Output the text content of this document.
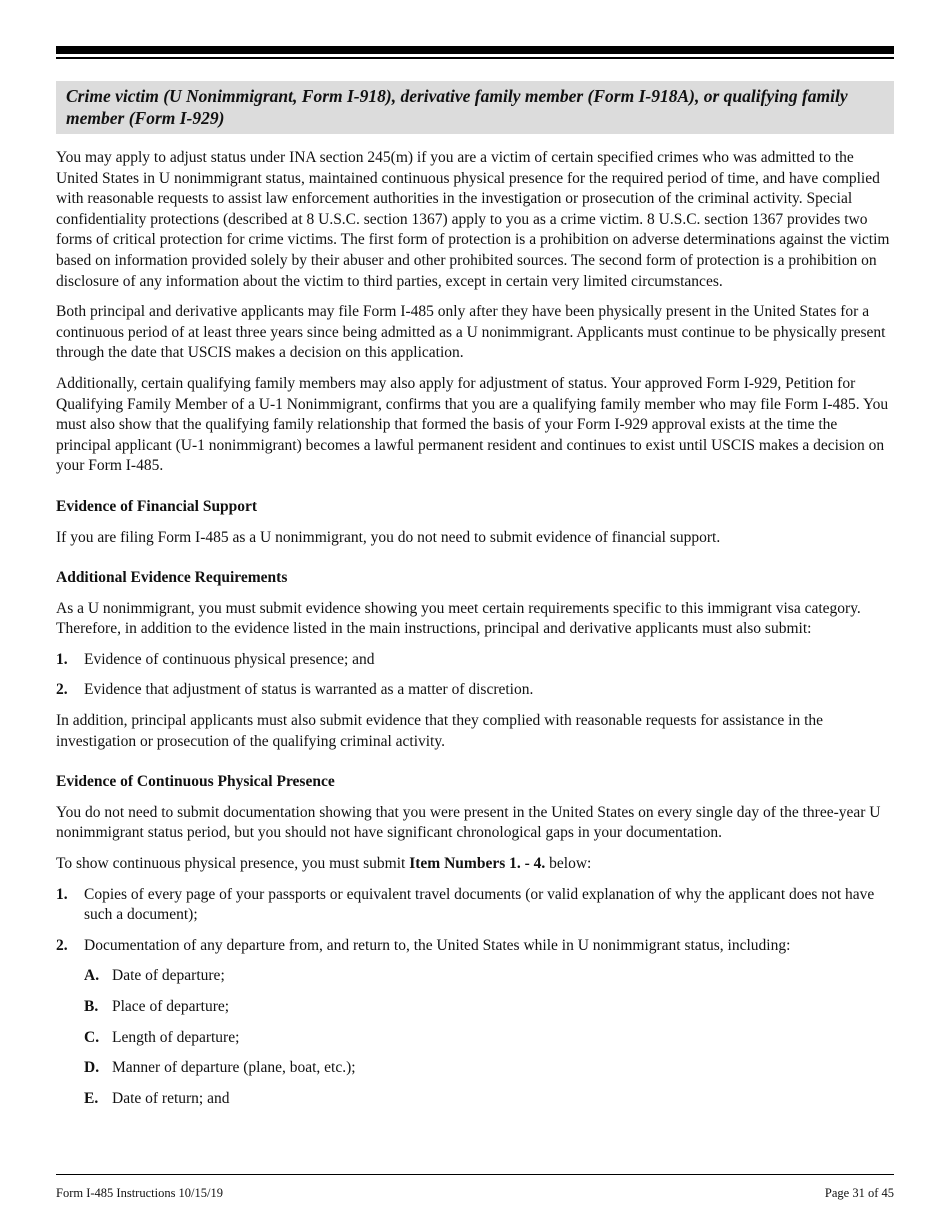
Crime victim (U Nonimmigrant, Form I-918), derivative family member (Form I-918A), or qualifying family member (Form I-929)

You may apply to adjust status under INA section 245(m) if you are a victim of certain specified crimes who was admitted to the United States in U nonimmigrant status, maintained continuous physical presence for the required period of time, and have complied with reasonable requests to assist law enforcement authorities in the investigation or prosecution of the criminal activity. Special confidentiality protections (described at 8 U.S.C. section 1367) apply to you as a crime victim. 8 U.S.C. section 1367 provides two forms of critical protection for crime victims. The first form of protection is a prohibition on adverse determinations against the victim based on information provided solely by their abuser and other prohibited sources. The second form of protection is a prohibition on disclosure of any information about the victim to third parties, except in certain very limited circumstances.

Both principal and derivative applicants may file Form I-485 only after they have been physically present in the United States for a continuous period of at least three years since being admitted as a U nonimmigrant. Applicants must continue to be physically present through the date that USCIS makes a decision on this application.

Additionally, certain qualifying family members may also apply for adjustment of status. Your approved Form I-929, Petition for Qualifying Family Member of a U-1 Nonimmigrant, confirms that you are a qualifying family member who may file Form I-485. You must also show that the qualifying family relationship that formed the basis of your Form I-929 approval exists at the time the principal applicant (U-1 nonimmigrant) becomes a lawful permanent resident and continues to exist until USCIS makes a decision on your Form I-485.

Evidence of Financial Support

If you are filing Form I-485 as a U nonimmigrant, you do not need to submit evidence of financial support.

Additional Evidence Requirements

As a U nonimmigrant, you must submit evidence showing you meet certain requirements specific to this immigrant visa category. Therefore, in addition to the evidence listed in the main instructions, principal and derivative applicants must also submit:

1.	Evidence of continuous physical presence; and
2.	Evidence that adjustment of status is warranted as a matter of discretion.

In addition, principal applicants must also submit evidence that they complied with reasonable requests for assistance in the investigation or prosecution of the qualifying criminal activity.

Evidence of Continuous Physical Presence

You do not need to submit documentation showing that you were present in the United States on every single day of the three-year U nonimmigrant status period, but you should not have significant chronological gaps in your documentation.

To show continuous physical presence, you must submit Item Numbers 1. - 4. below:

1.	Copies of every page of your passports or equivalent travel documents (or valid explanation of why the applicant does not have such a document);
2.	Documentation of any departure from, and return to, the United States while in U nonimmigrant status, including:
A. Date of departure;
B. Place of departure;
C. Length of departure;
D. Manner of departure (plane, boat, etc.);
E. Date of return; and
Form I-485 Instructions 10/15/19	Page 31 of 45
